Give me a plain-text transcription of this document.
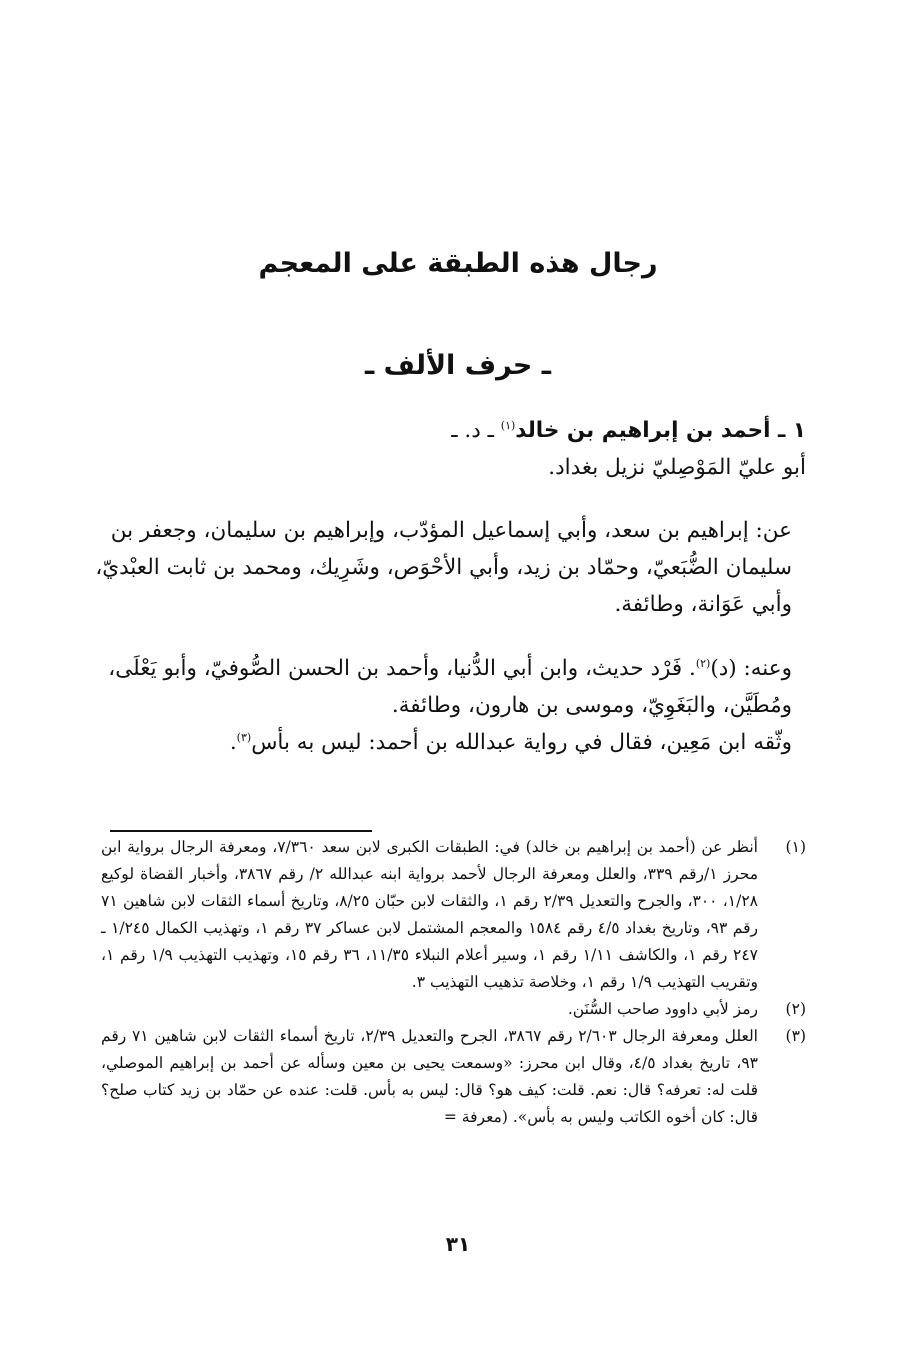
رجال هذه الطبقة على المعجم
ـ حرف الألف ـ
١ ـ أحمد بن إبراهيم بن خالد$^{(١)}$ ـ د. ـ
أبو عليّ المَوْصِليّ نزيل بغداد.
عن: إبراهيم بن سعد، وأبي إسماعيل المؤدّب، وإبراهيم بن سليمان، وجعفر بن سليمان الضُّبَعيّ، وحمّاد بن زيد، وأبي الأحْوَص، وشَرِيك، ومحمد بن ثابت العبْديّ، وأبي عَوَانة، وطائفة.
وعنه: (د)$^{(٢)}$. فَرْد حديث، وابن أبي الدُّنيا، وأحمد بن الحسن الصُّوفيّ، وأبو يَعْلَى، ومُطَيَّن، والبَغَوِيّ، وموسى بن هارون، وطائفة.
وثّقه ابن مَعِين، فقال في رواية عبدالله بن أحمد: ليس به بأس$^{(٣)}$.
(١)
أنظر عن (أحمد بن إبراهيم بن خالد) في: الطبقات الكبرى لابن سعد ٧/٣٦٠، ومعرفة الرجال برواية ابن محرز ١/رقم ٣٣٩، والعلل ومعرفة الرجال لأحمد برواية ابنه عبدالله ٢/ رقم ٣٨٦٧، وأخبار القضاة لوكيع ١/٢٨، ٣٠٠، والجرح والتعديل ٢/٣٩ رقم ١، والثقات لابن حبّان ٨/٢٥، وتاريخ أسماء الثقات لابن شاهين ٧١ رقم ٩٣، وتاريخ بغداد ٤/٥ رقم ١٥٨٤ والمعجم المشتمل لابن عساكر ٣٧ رقم ١، وتهذيب الكمال ١/٢٤٥ ـ ٢٤٧ رقم ١، والكاشف ١/١١ رقم ١، وسير أعلام النبلاء ١١/٣٥، ٣٦ رقم ١٥، وتهذيب التهذيب ١/٩ رقم ١، وتقريب التهذيب ١/٩ رقم ١، وخلاصة تذهيب التهذيب ٣.
(٢)
رمز لأبي داوود صاحب السُّنَن.
(٣)
العلل ومعرفة الرجال ٢/٦٠٣ رقم ٣٨٦٧، الجرح والتعديل ٢/٣٩، تاريخ أسماء الثقات لابن شاهين ٧١ رقم ٩٣، تاريخ بغداد ٤/٥، وقال ابن محرز: «وسمعت يحيى بن معين وسأله عن أحمد بن إبراهيم الموصلي، قلت له: تعرفه؟ قال: نعم. قلت: كيف هو؟ قال: ليس به بأس. قلت: عنده عن حمّاد بن زيد كتاب صلح؟ قال: كان أخوه الكاتب وليس به بأس». (معرفة =
٣١
